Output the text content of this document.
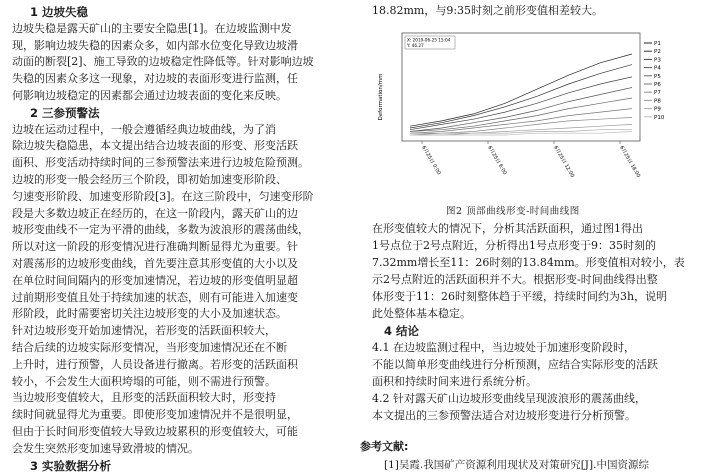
1 边坡失稳
边坡失稳是露天矿山的主要安全隐患[1]。在边坡监测中发
现，影响边坡失稳的因素众多，如内部水位变化导致边坡滑
动面的断裂[2]、施工导致的边坡稳定性降低等。针对影响边坡
失稳的因素众多这一现象，对边坡的表面形变进行监测，任
何影响边坡稳定的因素都会通过边坡表面的变化来反映。
2 三参预警法
边坡在运动过程中，一般会遵循经典边坡曲线，为了消
除边坡失稳隐患，本文提出结合边坡表面的形变、形变活跃
面积、形变活动持续时间的三参预警法来进行边坡危险预测。
边坡的形变一般会经历三个阶段，即初始加速变形阶段、
匀速变形阶段、加速变形阶段[3]。在这三阶段中，匀速变形阶
段是大多数边坡正在经历的，在这一阶段内，露天矿山的边
坡形变曲线不一定为平滑的曲线，多数为波浪形的震荡曲线，
所以对这一阶段的形变情况进行准确判断显得尤为重要。针
对震荡形的边坡形变曲线，首先要注意其形变值的大小以及
在单位时间间隔内的形变加速情况，若边坡的形变值明显超
过前期形变值且处于持续加速的状态，则有可能进入加速变
形阶段，此时需要密切关注边坡形变的大小及加速状态。
针对边坡形变开始加速情况，若形变的活跃面积较大，
结合后续的边坡实际形变情况，当形变加速情况还在不断
上升时，进行预警，人员设备进行撤离。若形变的活跃面积
较小，不会发生大面积垮塌的可能，则不需进行预警。
当边坡形变值较大，且形变的活跃面积较大时，形变持
续时间就显得尤为重要。即使形变加速情况并不是很明显，
但由于长时间形变值较大导致边坡累积的形变值较大，可能
会发生突然形变加速导致滑坡的情况。
3 实验数据分析
18.82mm，与9:35时刻之前形变值相差较大。
图2 顶部曲线形变-时间曲线图
在形变值较大的情况下，分析其活跃面积，通过图1得出
1号点位于2号点附近，分析得出1号点形变于9：35时刻的
7.32mm增长至11：26时刻的13.84mm。形变值相对较小，表
示2号点附近的活跃面积并不大。根据形变-时间曲线得出整
体形变于11：26时刻整体趋于平缓，持续时间约为3h，说明
此处整体基本稳定。
4 结论
4.1 在边坡监测过程中，当边坡处于加速形变阶段时，
不能以简单形变曲线进行分析预测，应结合实际形变的活跃
面积和持续时间来进行系统分析。
4.2 针对露天矿山边坡形变曲线呈现波浪形的震荡曲线，
本文提出的三参预警法适合对边坡形变进行分析预警。
参考文献:
[1]吴霞.我国矿产资源利用现状及对策研究[J].中国资源综
Deformation/mm
X: 2019-06-25 15:04
Y: 46.27	P1
P2
P3
P4
P5
P6
P7
P8
P9
P10
6月25日 0:00	6月25日 6:00	6月25日 12:00	6月25日 18:00
